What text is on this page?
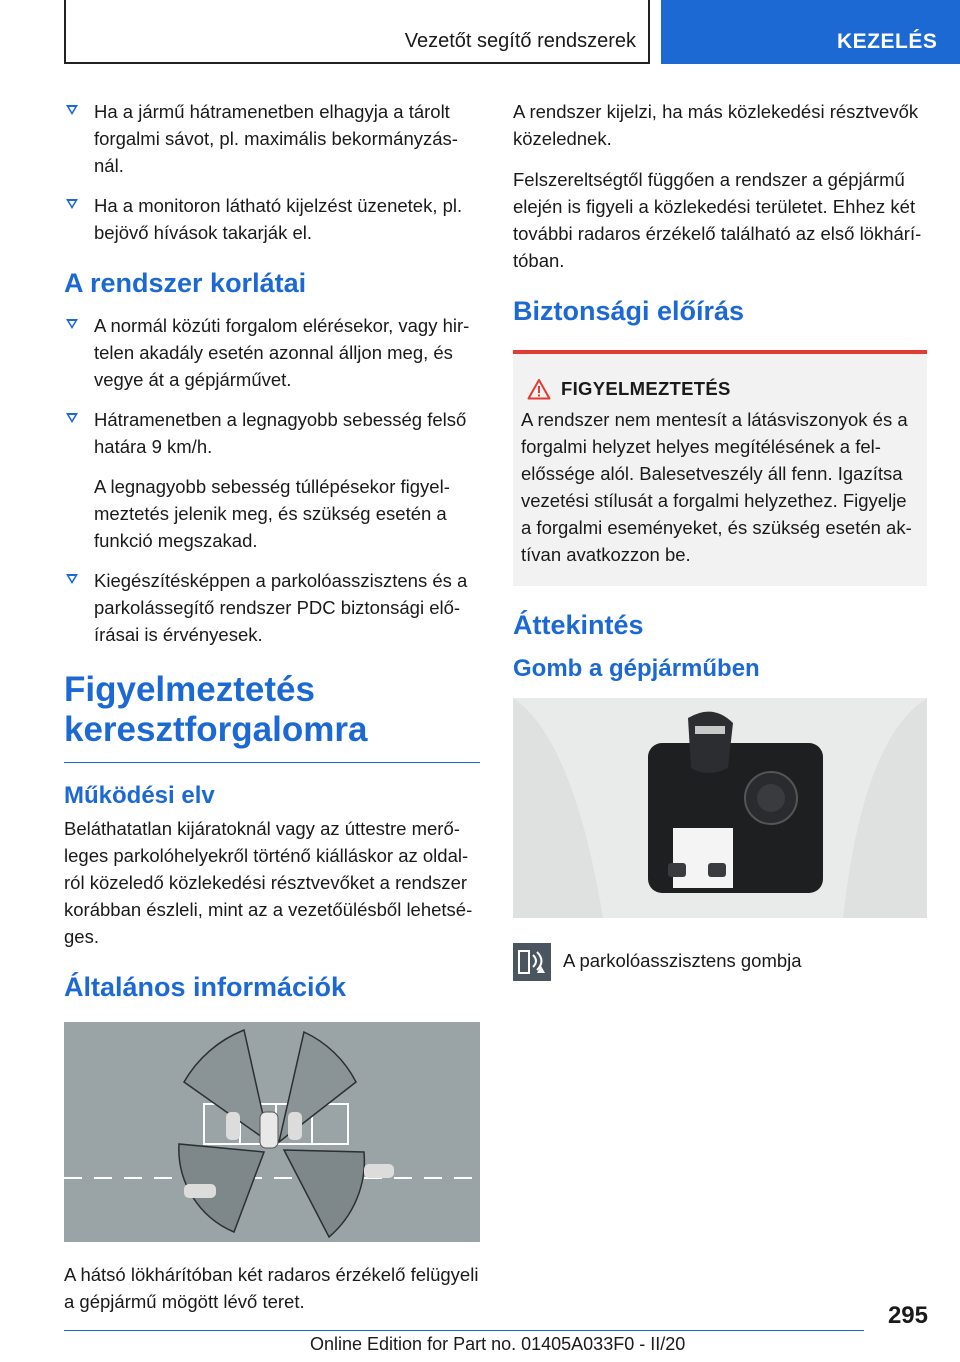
Vezetőt segítő rendszerek	KEZELÉS
Ha a jármű hátramenetben elhagyja a tárolt forgalmi sávot, pl. maximális bekormányzásnál.
Ha a monitoron látható kijelzést üzenetek, pl. bejövő hívások takarják el.
A rendszer korlátai
A normál közúti forgalom elérésekor, vagy hirtelen akadály esetén azonnal álljon meg, és vegye át a gépjárművet.
Hátramenetben a legnagyobb sebesség felső határa 9 km/h.
A legnagyobb sebesség túllépésekor figyelmeztetés jelenik meg, és szükség esetén a funkció megszakad.
Kiegészítésképpen a parkolóasszisztens és a parkolássegítő rendszer PDC biztonsági előírásai is érvényesek.
Figyelmeztetés
keresztforgalomra
Működési elv

Beláthatatlan kijáratoknál vagy az úttestre merőleges parkolóhelyekről történő kiálláskor az oldalról közeledő közlekedési résztvevőket a rendszer korábban észleli, mint az a vezetőülésből lehetséges.

Általános információk

A hátsó lökhárítóban két radaros érzékelő felügyeli a gépjármű mögött lévő teret.

A rendszer kijelzi, ha más közlekedési résztvevők közelednek.

Felszereltségtől függően a rendszer a gépjármű elején is figyeli a közlekedési területet. Ehhez két további radaros érzékelő található az első lökhárítóban.

Biztonsági előírás
FIGYELMEZTETÉS

A rendszer nem mentesít a látásviszonyok és a forgalmi helyzet helyes megítélésének a felelőssége alól. Balesetveszély áll fenn. Igazítsa vezetési stílusát a forgalmi helyzethez. Figyelje a forgalmi eseményeket, és szükség esetén aktívan avatkozzon be.

Áttekintés
Gomb a gépjárműben

A parkolóasszisztens gombja

295
Online Edition for Part no. 01405A033F0 - II/20
